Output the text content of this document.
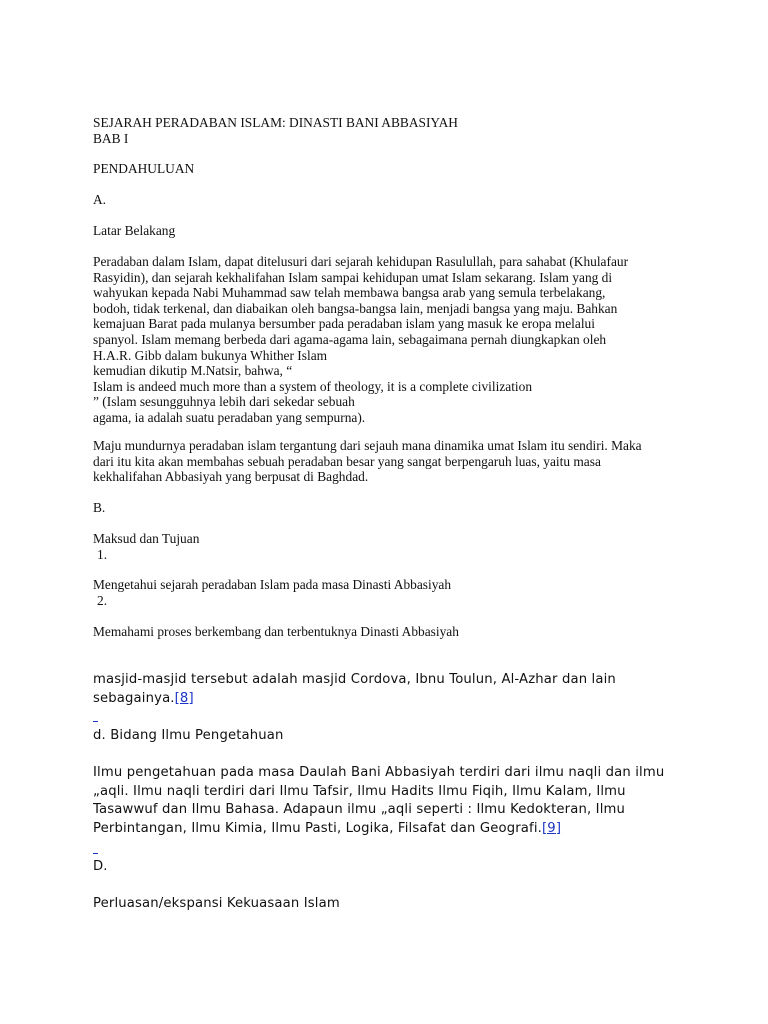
SEJARAH PERADABAN ISLAM: DINASTI BANI ABBASIYAH
BAB I
PENDAHULUAN
A.
Latar Belakang
Peradaban dalam Islam, dapat ditelusuri dari sejarah kehidupan Rasulullah, para sahabat (Khulafaur
Rasyidin), dan sejarah kekhalifahan Islam sampai kehidupan umat Islam sekarang. Islam yang di
wahyukan kepada Nabi Muhammad saw telah membawa bangsa arab yang semula terbelakang,
bodoh, tidak terkenal, dan diabaikan oleh bangsa-bangsa lain, menjadi bangsa yang maju. Bahkan
kemajuan Barat pada mulanya bersumber pada peradaban islam yang masuk ke eropa melalui
spanyol. Islam memang berbeda dari agama-agama lain, sebagaimana pernah diungkapkan oleh
H.A.R. Gibb dalam bukunya Whither Islam
kemudian dikutip M.Natsir, bahwa, “
Islam is andeed much more than a system of theology, it is a complete civilization
” (Islam sesungguhnya lebih dari sekedar sebuah
agama, ia adalah suatu peradaban yang sempurna).
Maju mundurnya peradaban islam tergantung dari sejauh mana dinamika umat Islam itu sendiri. Maka
dari itu kita akan membahas sebuah peradaban besar yang sangat berpengaruh luas, yaitu masa
kekhalifahan Abbasiyah yang berpusat di Baghdad.
B.
Maksud dan Tujuan
1.
Mengetahui sejarah peradaban Islam pada masa Dinasti Abbasiyah
2.
Memahami proses berkembang dan terbentuknya Dinasti Abbasiyah
masjid-masjid tersebut adalah masjid Cordova, Ibnu Toulun, Al-Azhar dan lain
sebagainya.[8]
d. Bidang Ilmu Pengetahuan
Ilmu pengetahuan pada masa Daulah Bani Abbasiyah terdiri dari ilmu naqli dan ilmu
„aqli. Ilmu naqli terdiri dari Ilmu Tafsir, Ilmu Hadits Ilmu Fiqih, Ilmu Kalam, Ilmu
Tasawwuf dan Ilmu Bahasa. Adapaun ilmu „aqli seperti : Ilmu Kedokteran, Ilmu
Perbintangan, Ilmu Kimia, Ilmu Pasti, Logika, Filsafat dan Geografi.[9]
D.
Perluasan/ekspansi Kekuasaan Islam
